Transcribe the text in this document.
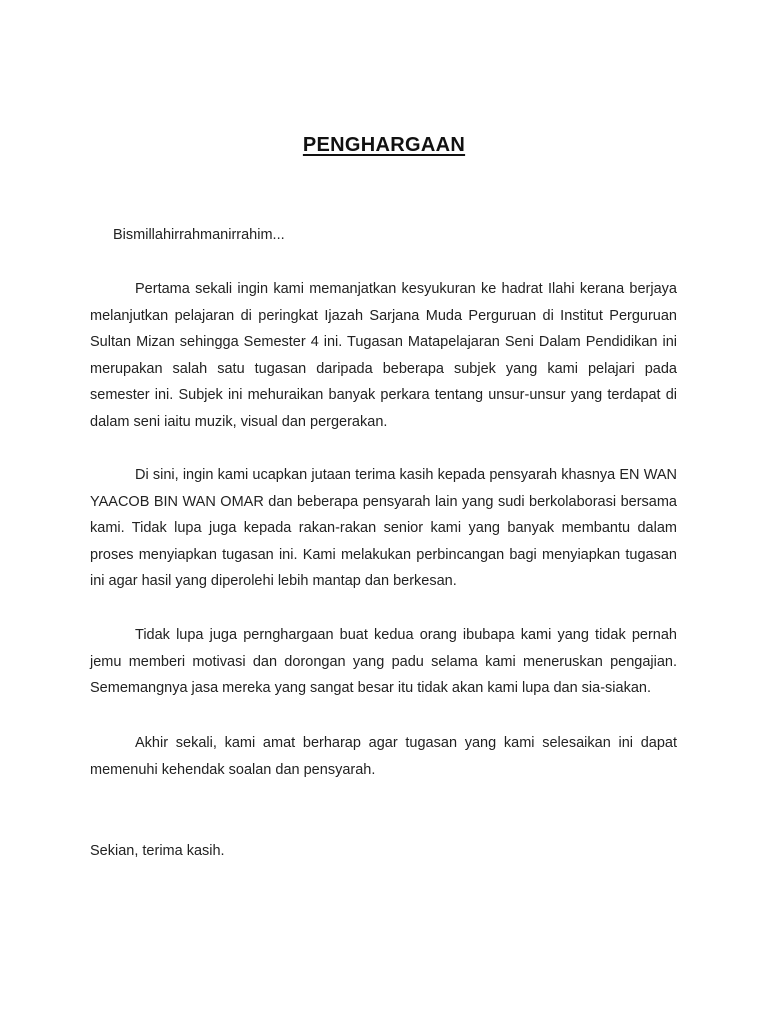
PENGHARGAAN

Bismillahirrahmanirrahim...

Pertama sekali ingin kami memanjatkan kesyukuran ke hadrat Ilahi kerana berjaya melanjutkan pelajaran di peringkat Ijazah Sarjana Muda Perguruan di Institut Perguruan Sultan Mizan sehingga Semester 4 ini. Tugasan Matapelajaran Seni Dalam Pendidikan ini merupakan salah satu tugasan daripada beberapa subjek yang kami pelajari pada semester ini. Subjek ini mehuraikan banyak perkara tentang unsur-unsur yang terdapat di dalam seni iaitu muzik, visual dan pergerakan.

Di sini, ingin kami ucapkan jutaan terima kasih kepada pensyarah khasnya EN WAN YAACOB BIN WAN OMAR dan beberapa pensyarah lain yang sudi berkolaborasi bersama kami. Tidak lupa juga kepada rakan-rakan senior kami yang banyak membantu dalam proses menyiapkan tugasan ini. Kami melakukan perbincangan bagi menyiapkan tugasan ini agar hasil yang diperolehi lebih mantap dan berkesan.

Tidak lupa juga pernghargaan buat kedua orang ibubapa kami yang tidak pernah jemu memberi motivasi dan dorongan yang padu selama kami meneruskan pengajian. Sememangnya jasa mereka yang sangat besar itu tidak akan kami lupa dan sia-siakan.

Akhir sekali, kami amat berharap agar tugasan yang kami selesaikan ini dapat memenuhi kehendak soalan dan pensyarah.

Sekian, terima kasih.
